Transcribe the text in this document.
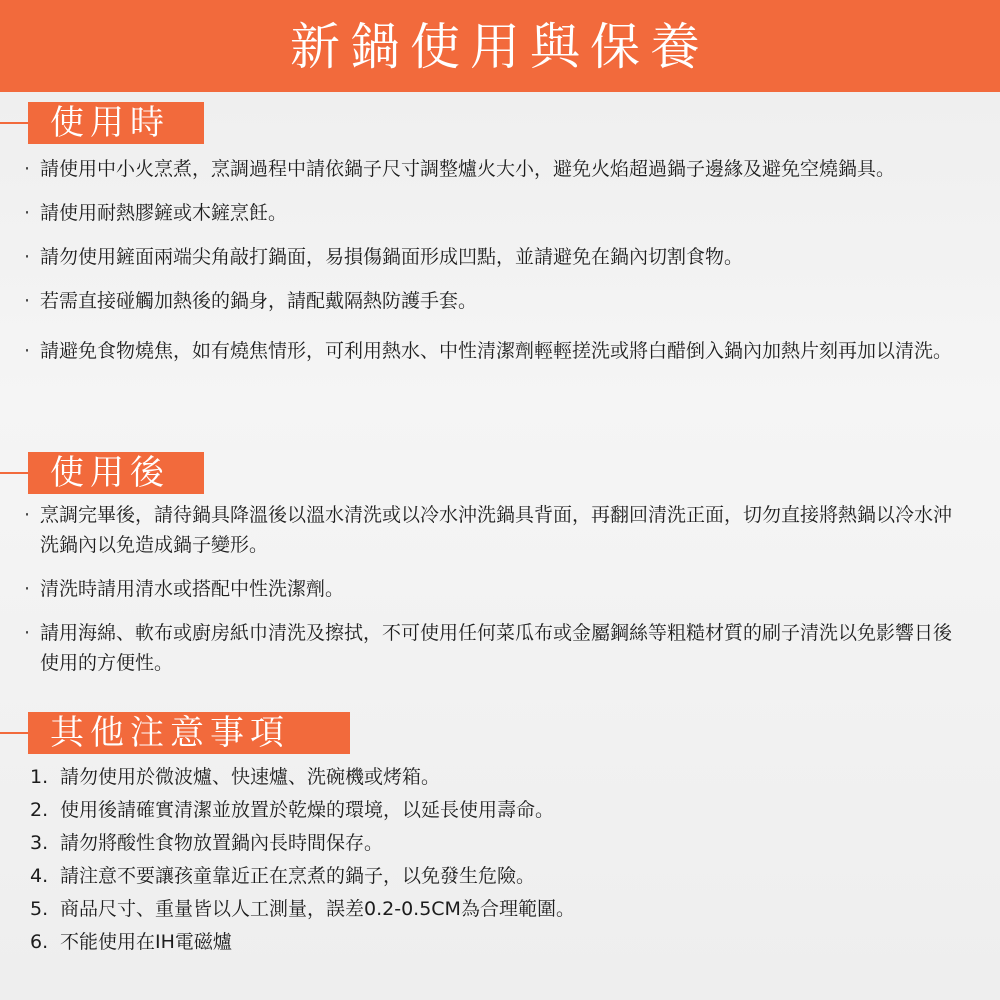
新鍋使用與保養
使用時
· 請使用中小火烹煮，烹調過程中請依鍋子尺寸調整爐火大小，避免火焰超過鍋子邊緣及避免空燒鍋具。
· 請使用耐熱膠鏟或木鏟烹飪。
· 請勿使用鏟面兩端尖角敲打鍋面，易損傷鍋面形成凹點，並請避免在鍋內切割食物。
· 若需直接碰觸加熱後的鍋身，請配戴隔熱防護手套。
· 請避免食物燒焦，如有燒焦情形，可利用熱水、中性清潔劑輕輕搓洗或將白醋倒入鍋內加熱片刻再加以清洗。
使用後
· 烹調完畢後，請待鍋具降溫後以溫水清洗或以冷水沖洗鍋具背面，再翻回清洗正面，切勿直接將熱鍋以冷水沖洗鍋內以免造成鍋子變形。
· 清洗時請用清水或搭配中性洗潔劑。
· 請用海綿、軟布或廚房紙巾清洗及擦拭，不可使用任何菜瓜布或金屬鋼絲等粗糙材質的刷子清洗以免影響日後使用的方便性。
其他注意事項
1. 請勿使用於微波爐、快速爐、洗碗機或烤箱。
2. 使用後請確實清潔並放置於乾燥的環境，以延長使用壽命。
3. 請勿將酸性食物放置鍋內長時間保存。
4. 請注意不要讓孩童靠近正在烹煮的鍋子，以免發生危險。
5. 商品尺寸、重量皆以人工測量，誤差0.2-0.5CM為合理範圍。
6. 不能使用在IH電磁爐
